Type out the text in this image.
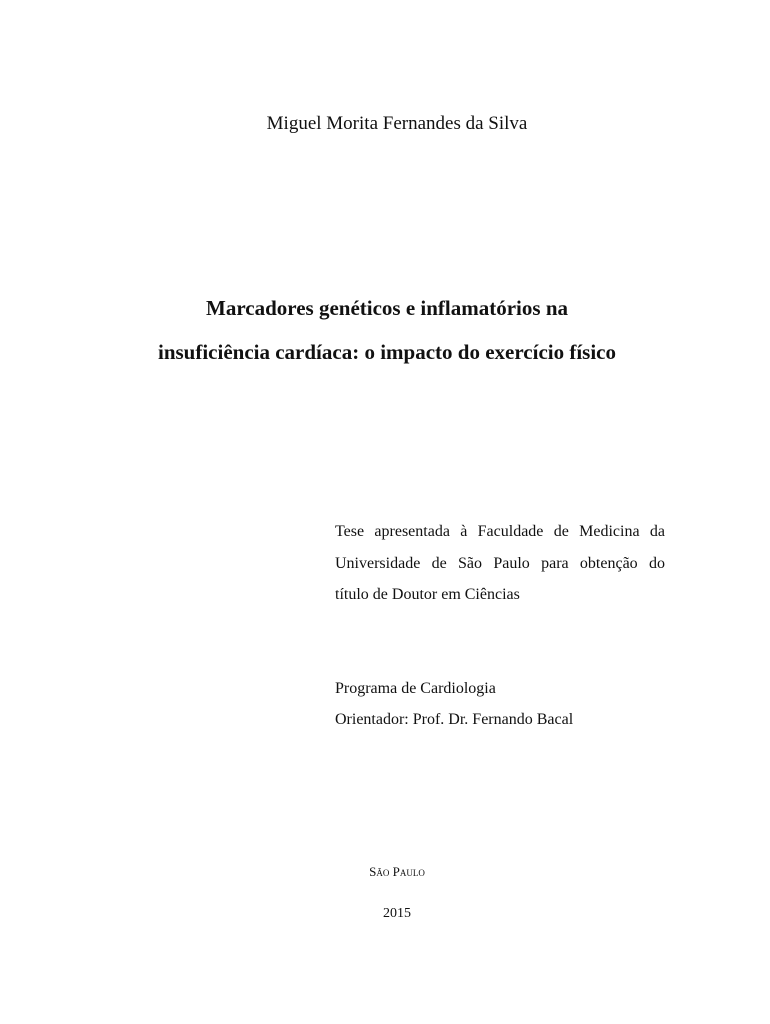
Miguel Morita Fernandes da Silva
Marcadores genéticos e inflamatórios na
insuficiência cardíaca: o impacto do exercício físico
Tese apresentada à Faculdade de Medicina da
Universidade de São Paulo para obtenção do
título de Doutor em Ciências
Programa de Cardiologia
Orientador: Prof. Dr. Fernando Bacal
São Paulo
2015
